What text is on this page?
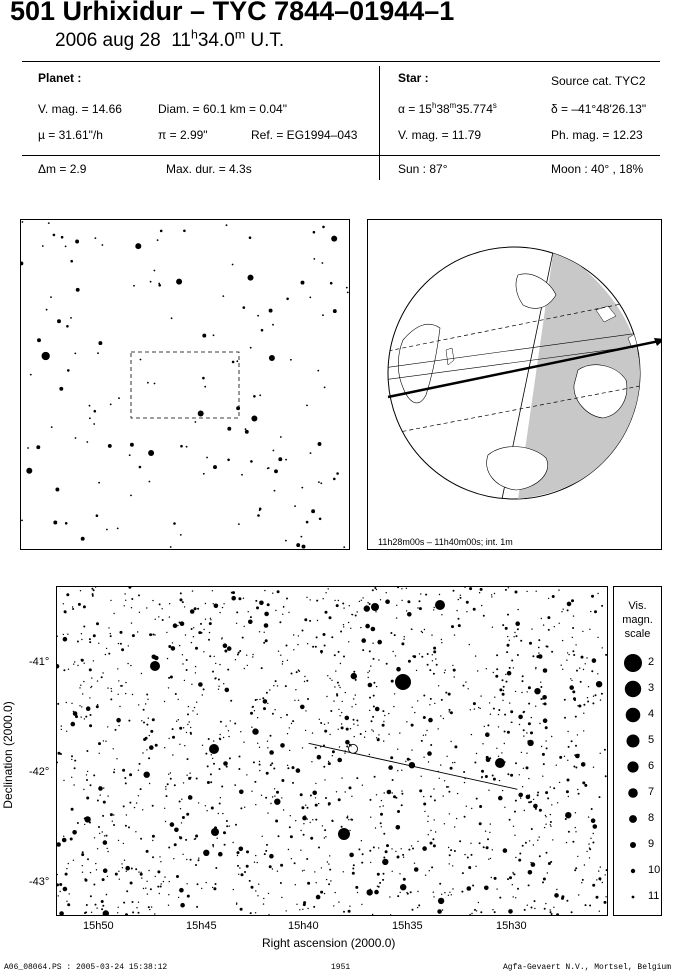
501 Urhixidur – TYC 7844–01944–1
2006 aug 28 11$^h$34.0$^m$ U.T.
Planet :
V. mag. = 14.66	Diam. = 60.1 km = 0.04"
µ = 31.61"/h	π = 2.99"	Ref. = EG1994–043
Star :	Source cat. TYC2
$\alpha = 15^h38^m35.774^s$	δ = –41°48'26.13"
V. mag. = 11.79	Ph. mag. = 12.23
Δm = 2.9	Max. dur. = 4.3s	Sun : 87°	Moon : 40° , 18%
11h28m00s – 11h40m00s; int. 1m
-41°
-42°
-43°
15h50	15h45	15h40	15h35	15h30
Right ascension (2000.0)
Declination (2000.0)
Vis.
magn.
scale
2
3
4
5
6
7
8
9
10
11
A06_08064.PS : 2005-03-24 15:38:12	1951	Agfa-Gevaert N.V., Mortsel, Belgium
